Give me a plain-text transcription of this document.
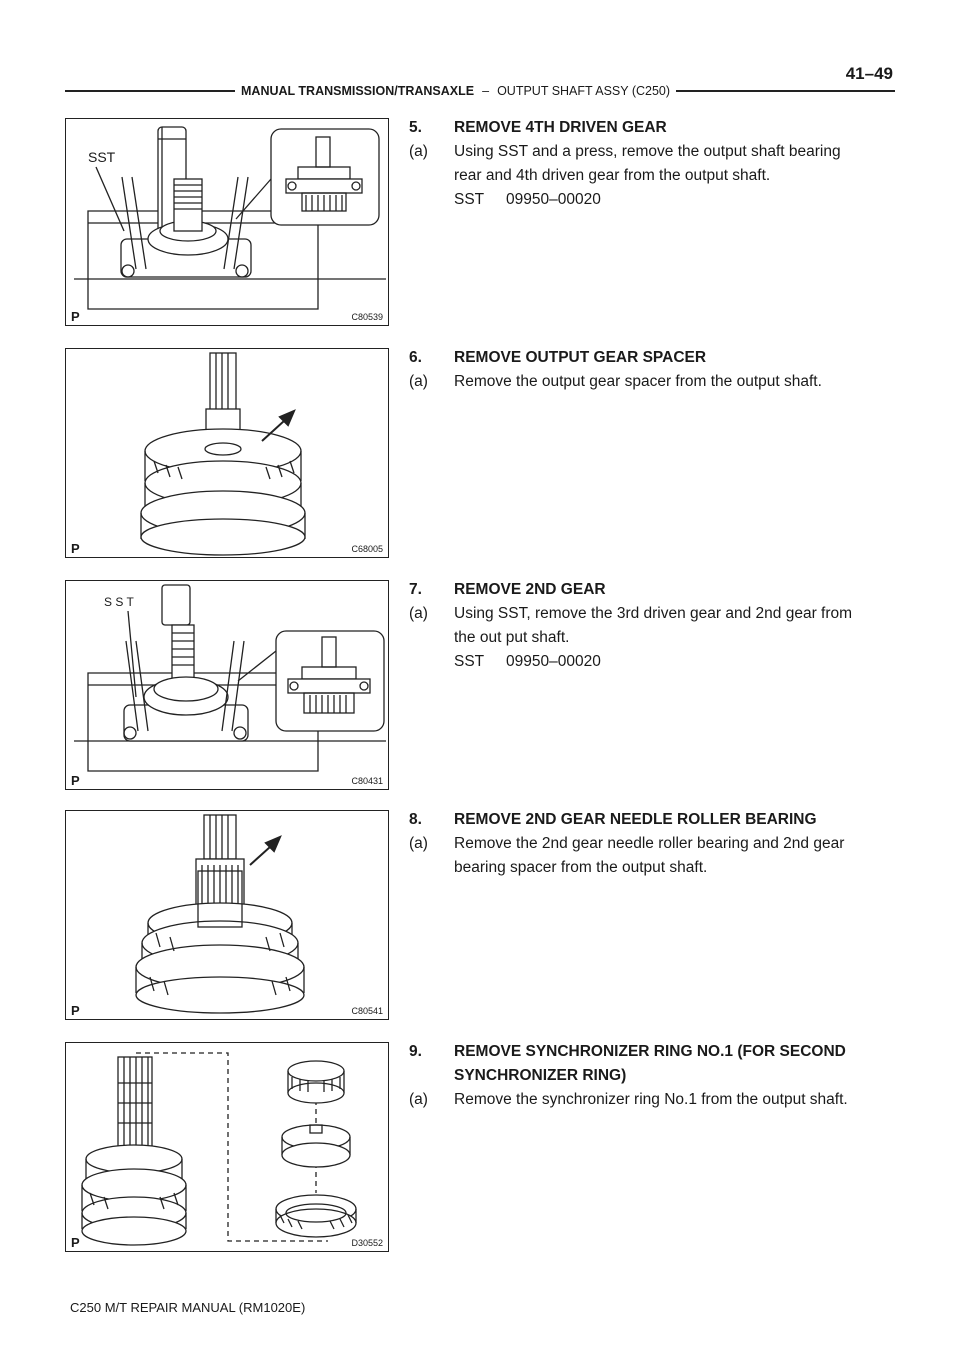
41–49
MANUAL TRANSMISSION/TRANSAXLE – OUTPUT SHAFT ASSY (C250)
SST
P	C80539
P	C68005
S S T
P	C80431
P	C80541
P	D30552
5.	REMOVE 4TH DRIVEN GEAR
(a)	Using SST and a press, remove the output shaft bearing
rear and 4th driven gear from the output shaft.
SST 09950–00020
6.	REMOVE OUTPUT GEAR SPACER
(a)	Remove the output gear spacer from the output shaft.
7.	REMOVE 2ND GEAR
(a)	Using SST, remove the 3rd driven gear and 2nd gear from
the out put shaft.
SST 09950–00020
8.	REMOVE 2ND GEAR NEEDLE ROLLER BEARING
(a)	Remove the 2nd gear needle roller bearing and 2nd gear
bearing spacer from the output shaft.
9.	REMOVE SYNCHRONIZER RING NO.1 (FOR SECOND
SYNCHRONIZER RING)
(a)	Remove the synchronizer ring No.1 from the output shaft.
C250 M/T REPAIR MANUAL (RM1020E)
